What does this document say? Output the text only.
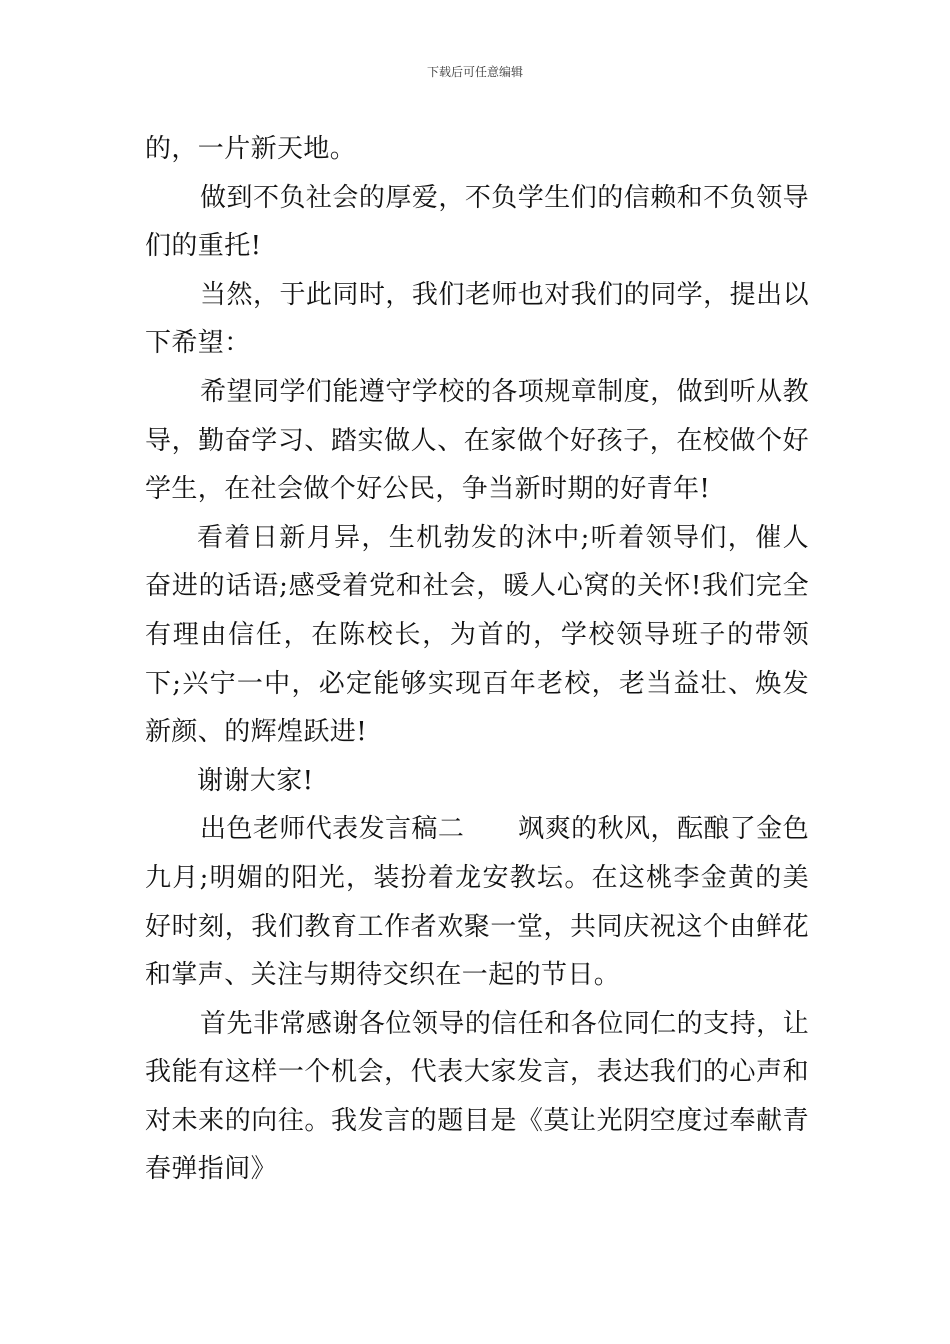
下载后可任意编辑

的，一片新天地。

做到不负社会的厚爱，不负学生们的信赖和不负领导们的重托!

当然，于此同时，我们老师也对我们的同学，提出以下希望：

希望同学们能遵守学校的各项规章制度，做到听从教导，勤奋学习、踏实做人、在家做个好孩子，在校做个好学生，在社会做个好公民，争当新时期的好青年!

看着日新月异，生机勃发的沐中;听着领导们，催人奋进的话语;感受着党和社会，暖人心窝的关怀!我们完全有理由信任，在陈校长，为首的，学校领导班子的带领下;兴宁一中，必定能够实现百年老校，老当益壮、焕发新颜、的辉煌跃进!

谢谢大家!

出色老师代表发言稿二 飒爽的秋风，酝酿了金色九月;明媚的阳光，装扮着龙安教坛。在这桃李金黄的美好时刻，我们教育工作者欢聚一堂，共同庆祝这个由鲜花和掌声、关注与期待交织在一起的节日。

首先非常感谢各位领导的信任和各位同仁的支持，让我能有这样一个机会，代表大家发言，表达我们的心声和对未来的向往。我发言的题目是《莫让光阴空度过奉献青春弹指间》
